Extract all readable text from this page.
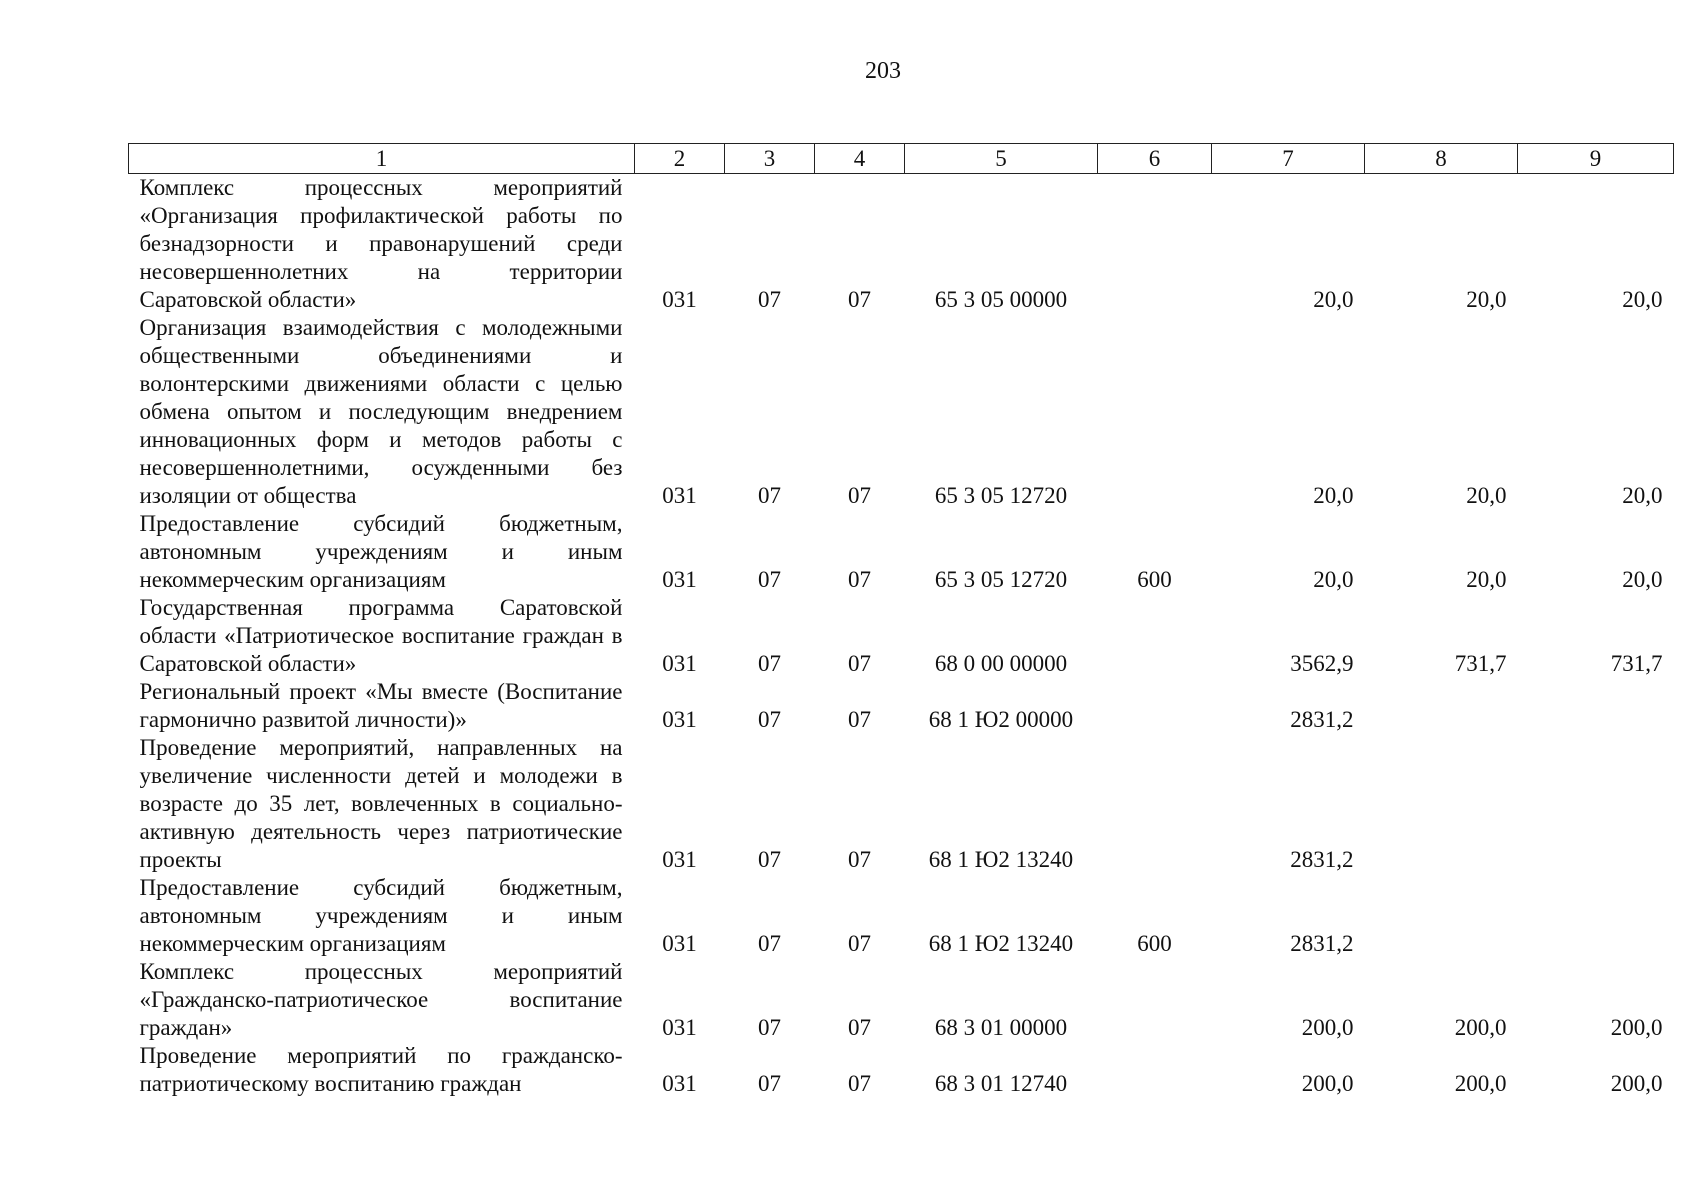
203
1	2	3	4	5	6	7	8	9
Комплекс процессных мероприятий «Организация профилактической работы по безнадзорности и правонарушений среди несовершеннолетних на территории Саратовской области»	031	07	07	65 3 05 00000		20,0	20,0	20,0
Организация взаимодействия с молодежными общественными объединениями и волонтерскими движениями области с целью обмена опытом и последующим внедрением инновационных форм и методов работы с несовершеннолетними, осужденными без изоляции от общества	031	07	07	65 3 05 12720		20,0	20,0	20,0
Предоставление субсидий бюджетным, автономным учреждениям и иным некоммерческим организациям	031	07	07	65 3 05 12720	600	20,0	20,0	20,0
Государственная программа Саратовской области «Патриотическое воспитание граждан в Саратовской области»	031	07	07	68 0 00 00000		3562,9	731,7	731,7
Региональный проект «Мы вместе (Воспитание гармонично развитой личности)»	031	07	07	68 1 Ю2 00000		2831,2		
Проведение мероприятий, направленных на увеличение численности детей и молодежи в возрасте до 35 лет, вовлеченных в социально-активную деятельность через патриотические проекты	031	07	07	68 1 Ю2 13240		2831,2		
Предоставление субсидий бюджетным, автономным учреждениям и иным некоммерческим организациям	031	07	07	68 1 Ю2 13240	600	2831,2		
Комплекс процессных мероприятий «Гражданско-патриотическое воспитание граждан»	031	07	07	68 3 01 00000		200,0	200,0	200,0
Проведение мероприятий по гражданско-патриотическому воспитанию граждан	031	07	07	68 3 01 12740		200,0	200,0	200,0
